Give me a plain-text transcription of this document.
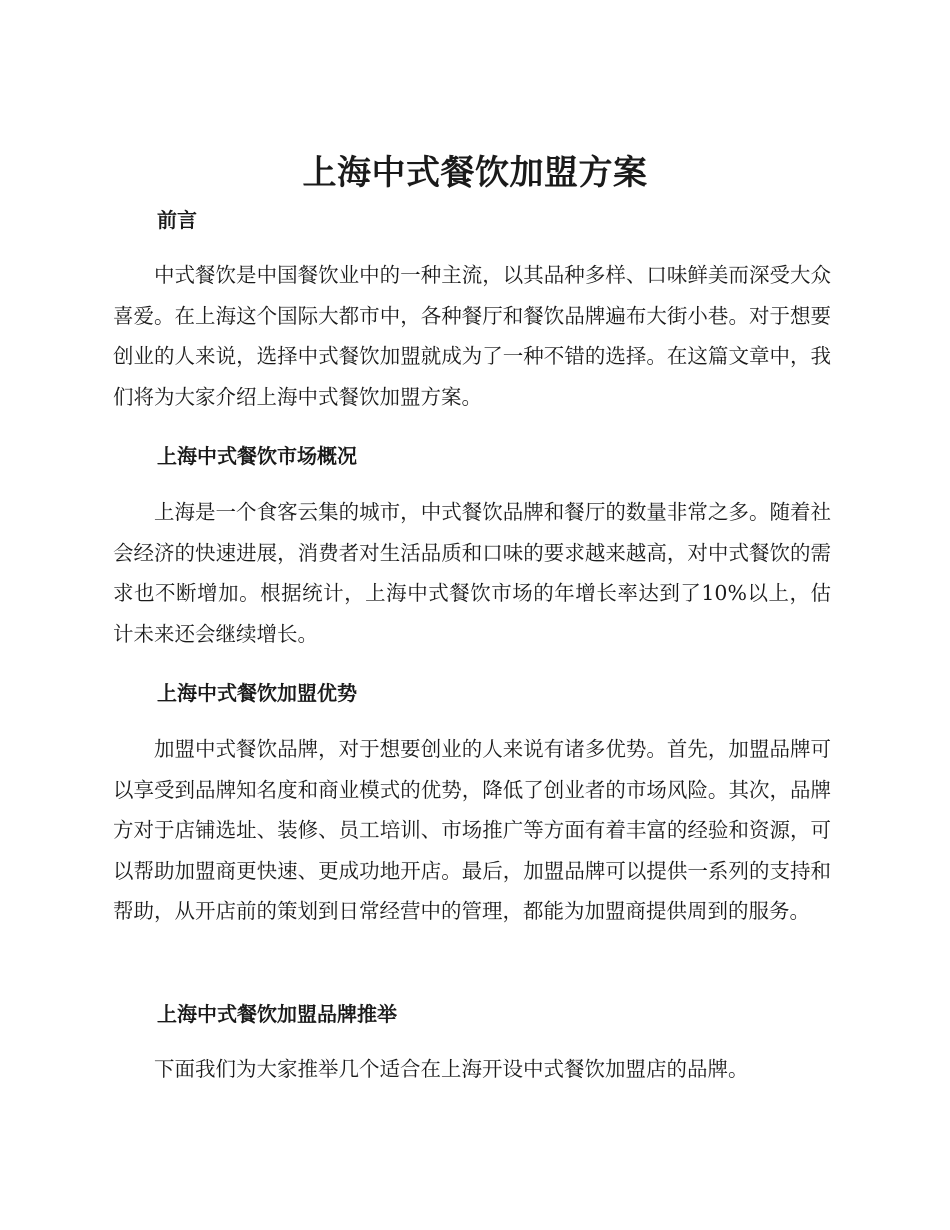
上海中式餐饮加盟方案
前言

中式餐饮是中国餐饮业中的一种主流，以其品种多样、口味鲜美而深受大众喜爱。在上海这个国际大都市中，各种餐厅和餐饮品牌遍布大街小巷。对于想要创业的人来说，选择中式餐饮加盟就成为了一种不错的选择。在这篇文章中，我们将为大家介绍上海中式餐饮加盟方案。

上海中式餐饮市场概况

上海是一个食客云集的城市，中式餐饮品牌和餐厅的数量非常之多。随着社会经济的快速进展，消费者对生活品质和口味的要求越来越高，对中式餐饮的需求也不断增加。根据统计，上海中式餐饮市场的年增长率达到了10%以上，估计未来还会继续增长。

上海中式餐饮加盟优势

加盟中式餐饮品牌，对于想要创业的人来说有诸多优势。首先，加盟品牌可以享受到品牌知名度和商业模式的优势，降低了创业者的市场风险。其次，品牌方对于店铺选址、装修、员工培训、市场推广等方面有着丰富的经验和资源，可以帮助加盟商更快速、更成功地开店。最后，加盟品牌可以提供一系列的支持和帮助，从开店前的策划到日常经营中的管理，都能为加盟商提供周到的服务。

上海中式餐饮加盟品牌推举

下面我们为大家推举几个适合在上海开设中式餐饮加盟店的品牌。
